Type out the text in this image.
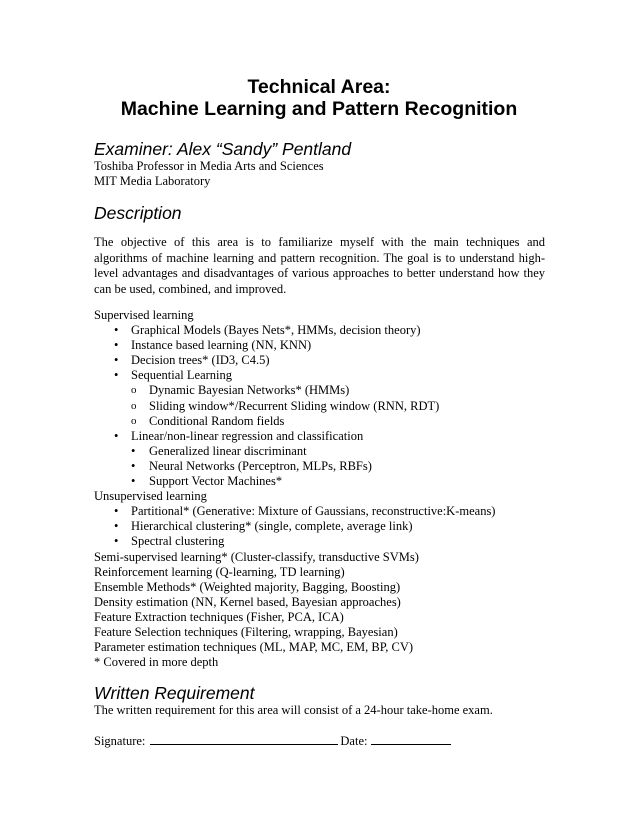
Technical Area:
Machine Learning and Pattern Recognition
Examiner: Alex “Sandy” Pentland
Toshiba Professor in Media Arts and Sciences
MIT Media Laboratory
Description
The objective of this area is to familiarize myself with the main techniques and algorithms of machine learning and pattern recognition. The goal is to understand high-level advantages and disadvantages of various approaches to better understand how they can be used, combined, and improved.
Supervised learning
• Graphical Models (Bayes Nets*, HMMs, decision theory)
• Instance based learning (NN, KNN)
• Decision trees* (ID3, C4.5)
• Sequential Learning
o Dynamic Bayesian Networks* (HMMs)
o Sliding window*/Recurrent Sliding window (RNN, RDT)
o Conditional Random fields
• Linear/non-linear regression and classification
• Generalized linear discriminant
• Neural Networks (Perceptron, MLPs, RBFs)
• Support Vector Machines*
Unsupervised learning
• Partitional* (Generative: Mixture of Gaussians, reconstructive:K-means)
• Hierarchical clustering* (single, complete, average link)
• Spectral clustering
Semi-supervised learning* (Cluster-classify, transductive SVMs)
Reinforcement learning (Q-learning, TD learning)
Ensemble Methods* (Weighted majority, Bagging, Boosting)
Density estimation (NN, Kernel based, Bayesian approaches)
Feature Extraction techniques (Fisher, PCA, ICA)
Feature Selection techniques (Filtering, wrapping, Bayesian)
Parameter estimation techniques (ML, MAP, MC, EM, BP, CV)
* Covered in more depth
Written Requirement
The written requirement for this area will consist of a 24-hour take-home exam.
Signature:	Date:
